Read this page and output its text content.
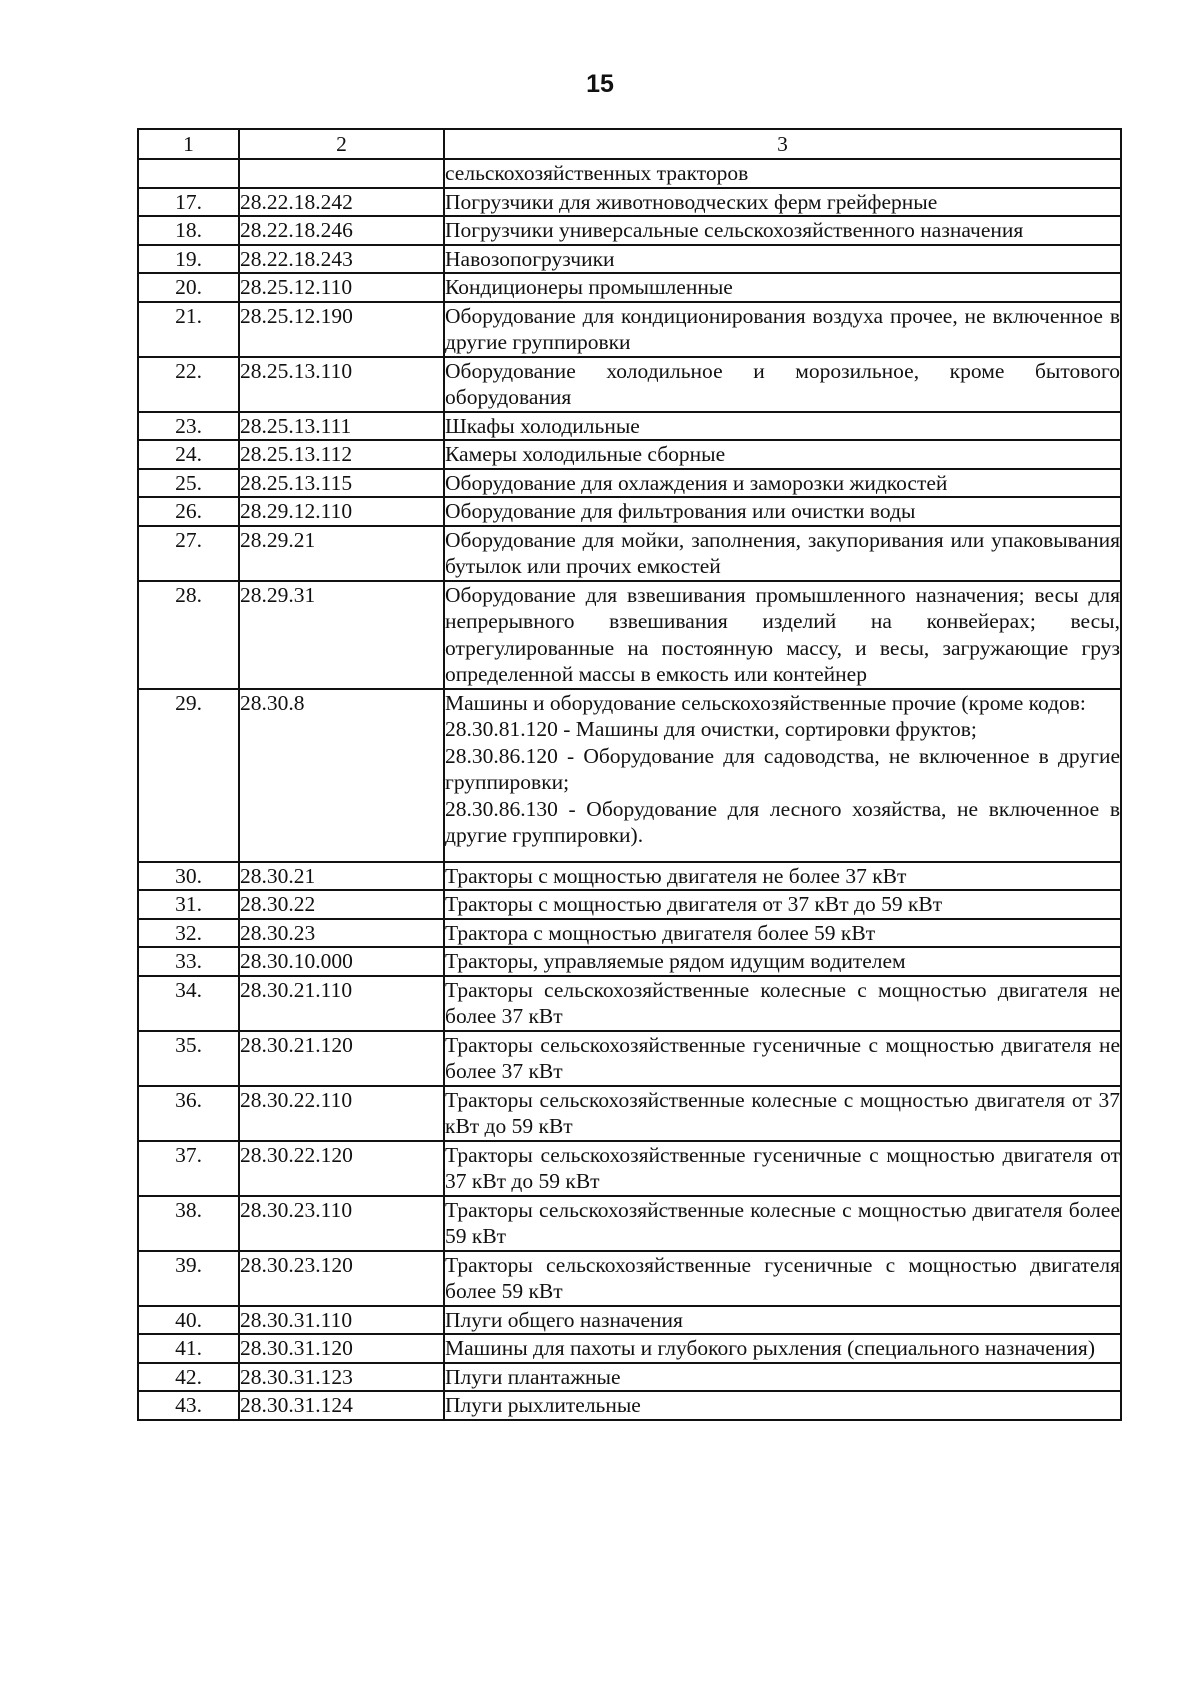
15
1	2	3
		сельскохозяйственных тракторов
17.	28.22.18.242	Погрузчики для животноводческих ферм грейферные
18.	28.22.18.246	Погрузчики универсальные сельскохозяйственного назначения
19.	28.22.18.243	Навозопогрузчики
20.	28.25.12.110	Кондиционеры промышленные
21.	28.25.12.190	Оборудование для кондиционирования воздуха прочее, не включенное в другие группировки
22.	28.25.13.110	Оборудование холодильное и морозильное, кроме бытового оборудования
23.	28.25.13.111	Шкафы холодильные
24.	28.25.13.112	Камеры холодильные сборные
25.	28.25.13.115	Оборудование для охлаждения и заморозки жидкостей
26.	28.29.12.110	Оборудование для фильтрования или очистки воды
27.	28.29.21	Оборудование для мойки, заполнения, закупоривания или упаковывания бутылок или прочих емкостей
28.	28.29.31	Оборудование для взвешивания промышленного назначения; весы для непрерывного взвешивания изделий на конвейерах; весы, отрегулированные на постоянную массу, и весы, загружающие груз определенной массы в емкость или контейнер
29.	28.30.8	Машины и оборудование сельскохозяйственные прочие (кроме кодов:
28.30.81.120 - Машины для очистки, сортировки фруктов;
28.30.86.120 - Оборудование для садоводства, не включенное в другие группировки;
28.30.86.130 - Оборудование для лесного хозяйства, не включенное в другие группировки).

30.	28.30.21	Тракторы с мощностью двигателя не более 37 кВт
31.	28.30.22	Тракторы с мощностью двигателя от 37 кВт до 59 кВт
32.	28.30.23	Трактора с мощностью двигателя более 59 кВт
33.	28.30.10.000	Тракторы, управляемые рядом идущим водителем
34.	28.30.21.110	Тракторы сельскохозяйственные колесные с мощностью двигателя не более 37 кВт
35.	28.30.21.120	Тракторы сельскохозяйственные гусеничные с мощностью двигателя не более 37 кВт
36.	28.30.22.110	Тракторы сельскохозяйственные колесные с мощностью двигателя от 37 кВт до 59 кВт
37.	28.30.22.120	Тракторы сельскохозяйственные гусеничные с мощностью двигателя от 37 кВт до 59 кВт
38.	28.30.23.110	Тракторы сельскохозяйственные колесные с мощностью двигателя более 59 кВт
39.	28.30.23.120	Тракторы сельскохозяйственные гусеничные с мощностью двигателя более 59 кВт
40.	28.30.31.110	Плуги общего назначения
41.	28.30.31.120	Машины для пахоты и глубокого рыхления (специального назначения)
42.	28.30.31.123	Плуги плантажные
43.	28.30.31.124	Плуги рыхлительные
